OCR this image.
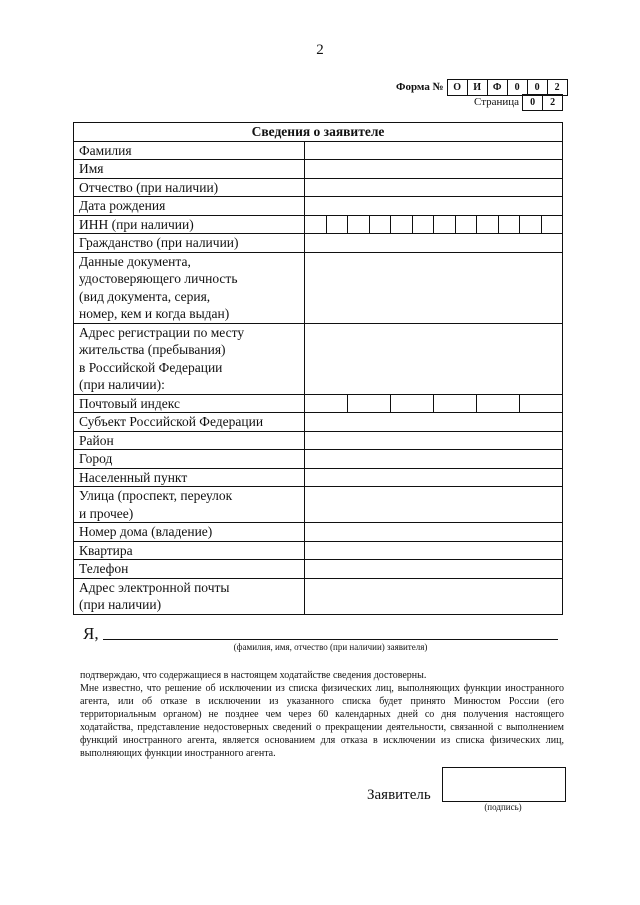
2
Форма № О	И	Ф	0	0	2
Страница	0	2
Сведения о заявителе	
Фамилия	
Имя	
Отчество (при наличии)	
Дата рождения	
ИНН (при наличии)	

Гражданство (при наличии)	
Данные документа,
удостоверяющего личность
(вид документа, серия,
номер, кем и когда выдан)	
Адрес регистрации по месту
жительства (пребывания)
в Российской Федерации
(при наличии):	
Почтовый индекс	

Субъект Российской Федерации	
Район	
Город	
Населенный пункт	
Улица (проспект, переулок
и прочее)	
Номер дома (владение)	
Квартира	
Телефон	
Адрес электронной почты
(при наличии)	
Я,
(фамилия, имя, отчество (при наличии) заявителя)

подтверждаю, что содержащиеся в настоящем ходатайстве сведения достоверны.

Мне известно, что решение об исключении из списка физических лиц, выполняющих функции иностранного агента, или об отказе в исключении из указанного списка будет принято Минюстом России (его территориальным органом) не позднее чем через 60 календарных дней со дня получения настоящего ходатайства, представление недостоверных сведений о прекращении деятельности, связанной с выполнением функций иностранного агента, является основанием для отказа в исключении из списка физических лиц, выполняющих функции иностранного агента.

Заявитель
(подпись)
